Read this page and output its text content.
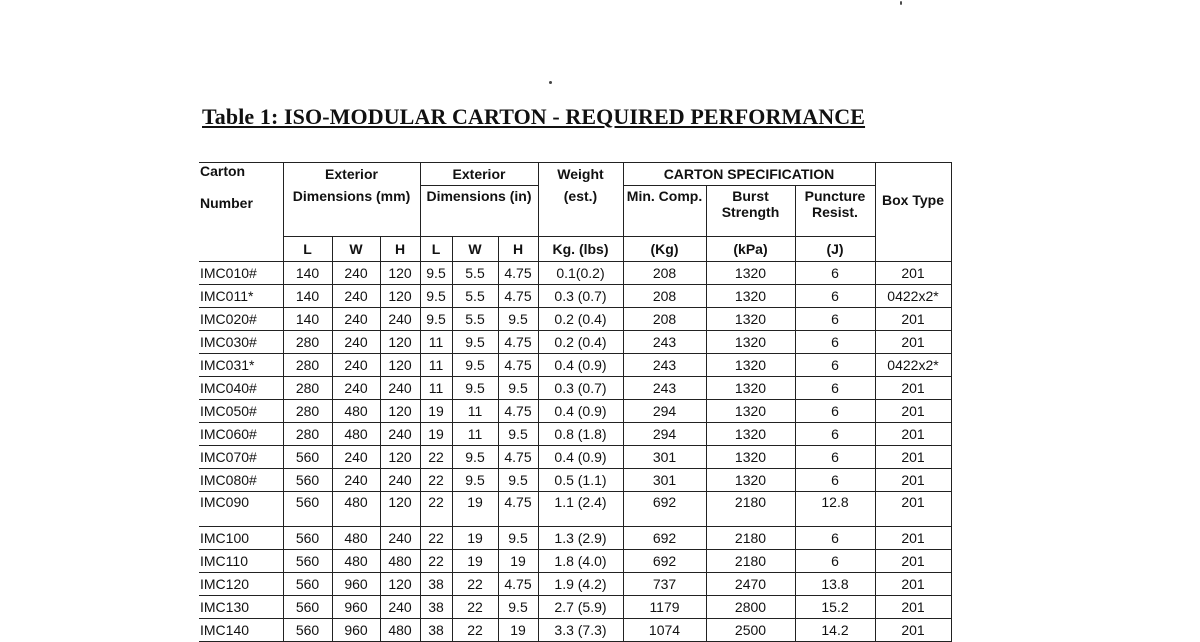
Table 1: ISO-MODULAR CARTON - REQUIRED PERFORMANCE
Carton

Number	Exterior			Exterior			Weight	CARTON SPECIFICATION			Box Type
	Dimensions (mm)			Dimensions (in)			(est.)	Min. Comp.	Burst Strength	Puncture Resist.	
	L	W	H	L	W	H	Kg. (lbs)	(Kg)	(kPa)	(J)	
IMC010#	140	240	120	9.5	5.5	4.75	0.1(0.2)	208	1320	6	201
IMC011*	140	240	120	9.5	5.5	4.75	0.3 (0.7)	208	1320	6	0422x2*
IMC020#	140	240	240	9.5	5.5	9.5	0.2 (0.4)	208	1320	6	201
IMC030#	280	240	120	11	9.5	4.75	0.2 (0.4)	243	1320	6	201
IMC031*	280	240	120	11	9.5	4.75	0.4 (0.9)	243	1320	6	0422x2*
IMC040#	280	240	240	11	9.5	9.5	0.3 (0.7)	243	1320	6	201
IMC050#	280	480	120	19	11	4.75	0.4 (0.9)	294	1320	6	201
IMC060#	280	480	240	19	11	9.5	0.8 (1.8)	294	1320	6	201
IMC070#	560	240	120	22	9.5	4.75	0.4 (0.9)	301	1320	6	201
IMC080#	560	240	240	22	9.5	9.5	0.5 (1.1)	301	1320	6	201
IMC090	560	480	120	22	19	4.75	1.1 (2.4)	692	2180	12.8	201
IMC100	560	480	240	22	19	9.5	1.3 (2.9)	692	2180	6	201
IMC110	560	480	480	22	19	19	1.8 (4.0)	692	2180	6	201
IMC120	560	960	120	38	22	4.75	1.9 (4.2)	737	2470	13.8	201
IMC130	560	960	240	38	22	9.5	2.7 (5.9)	1179	2800	15.2	201
IMC140	560	960	480	38	22	19	3.3 (7.3)	1074	2500	14.2	201
